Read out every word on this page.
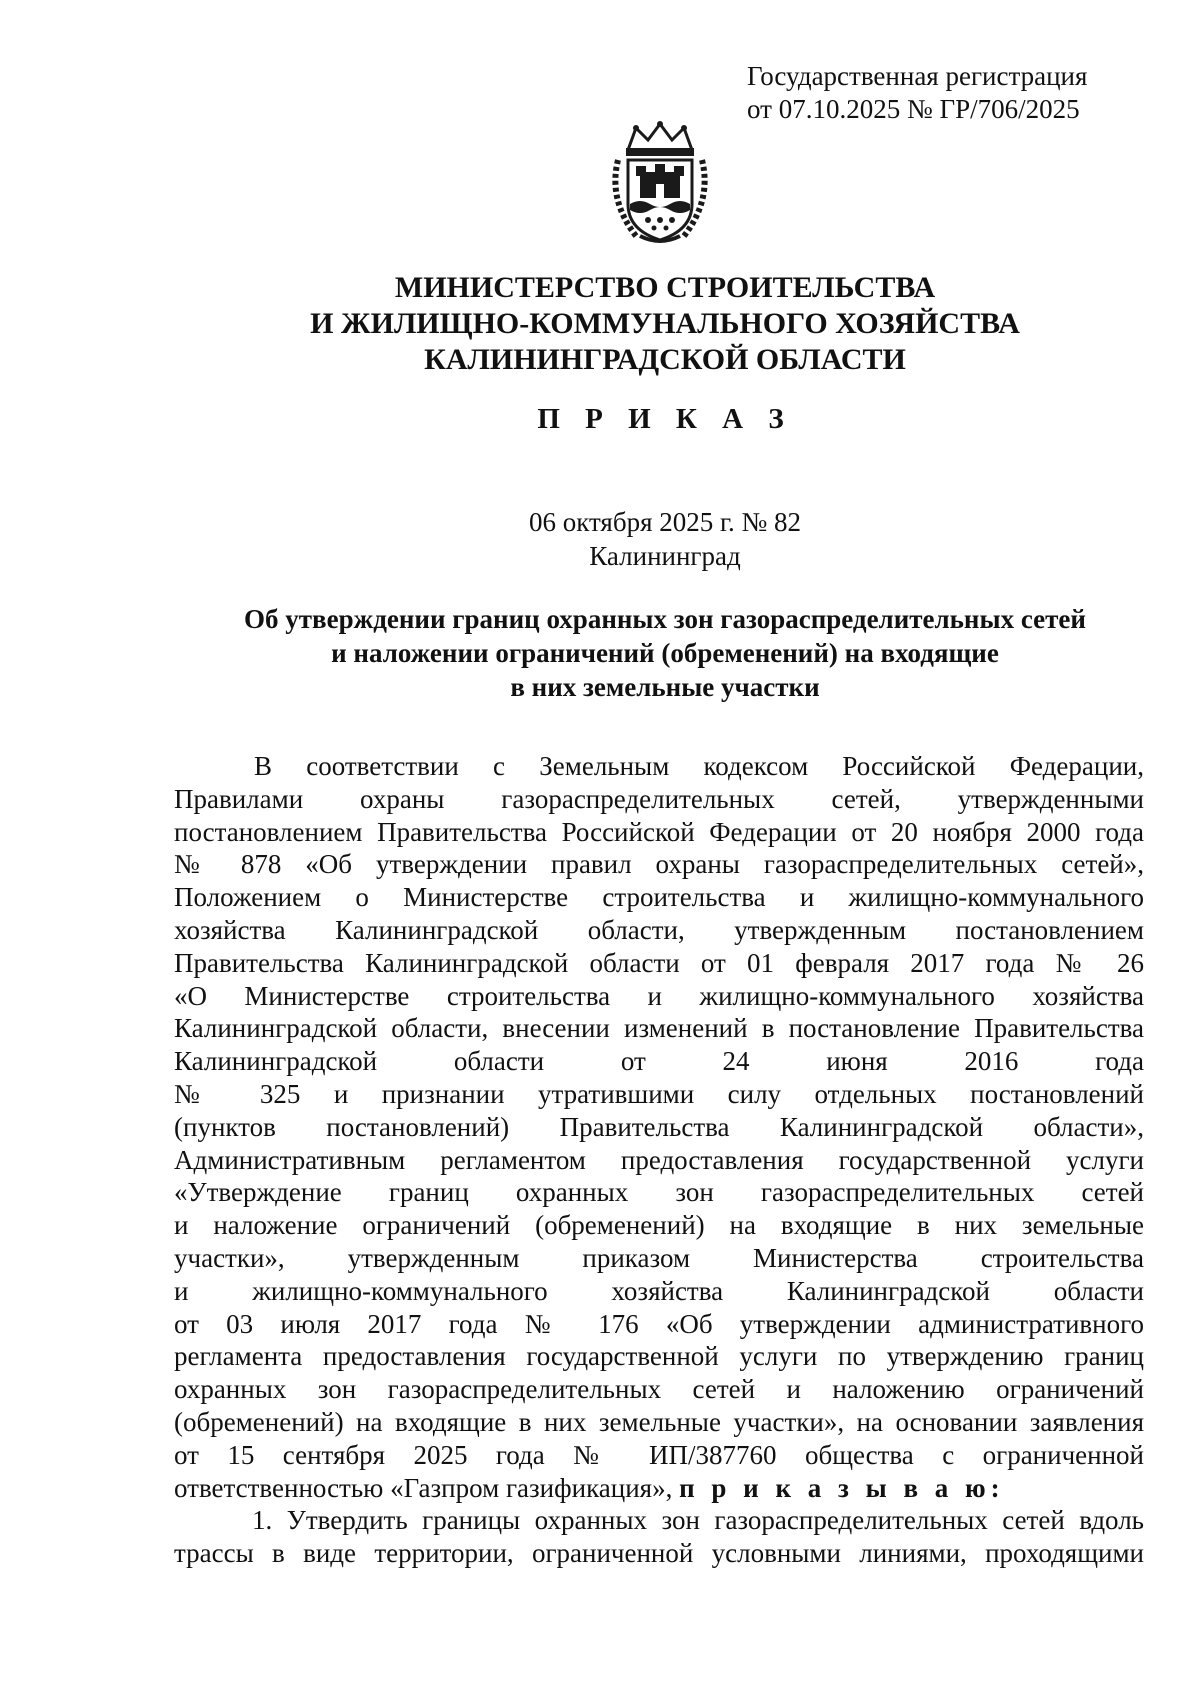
Государственная регистрация
от 07.10.2025 № ГР/706/2025
МИНИСТЕРСТВО СТРОИТЕЛЬСТВА
И ЖИЛИЩНО-КОММУНАЛЬНОГО ХОЗЯЙСТВА
КАЛИНИНГРАДСКОЙ ОБЛАСТИ
П Р И К А З
06 октября 2025 г. № 82
Калининград
Об утверждении границ охранных зон газораспределительных сетей
и наложении ограничений (обременений) на входящие
в них земельные участки
В соответствии с Земельным кодексом Российской Федерации,
Правилами охраны газораспределительных сетей, утвержденными
постановлением Правительства Российской Федерации от 20 ноября 2000 года
№ 878 «Об утверждении правил охраны газораспределительных сетей»,
Положением о Министерстве строительства и жилищно-коммунального
хозяйства Калининградской области, утвержденным постановлением
Правительства Калининградской области от 01 февраля 2017 года № 26
«О Министерстве строительства и жилищно-коммунального хозяйства
Калининградской области, внесении изменений в постановление Правительства
Калининградской области от 24 июня 2016 года
№ 325 и признании утратившими силу отдельных постановлений
(пунктов постановлений) Правительства Калининградской области»,
Административным регламентом предоставления государственной услуги
«Утверждение границ охранных зон газораспределительных сетей
и наложение ограничений (обременений) на входящие в них земельные
участки», утвержденным приказом Министерства строительства
и жилищно-коммунального хозяйства Калининградской области
от 03 июля 2017 года № 176 «Об утверждении административного
регламента предоставления государственной услуги по утверждению границ
охранных зон газораспределительных сетей и наложению ограничений
(обременений) на входящие в них земельные участки», на основании заявления
от 15 сентября 2025 года № ИП/387760 общества с ограниченной
ответственностью «Газпром газификация», п р и к а з ы в а ю:
1. Утвердить границы охранных зон газораспределительных сетей вдоль
трассы в виде территории, ограниченной условными линиями, проходящими
